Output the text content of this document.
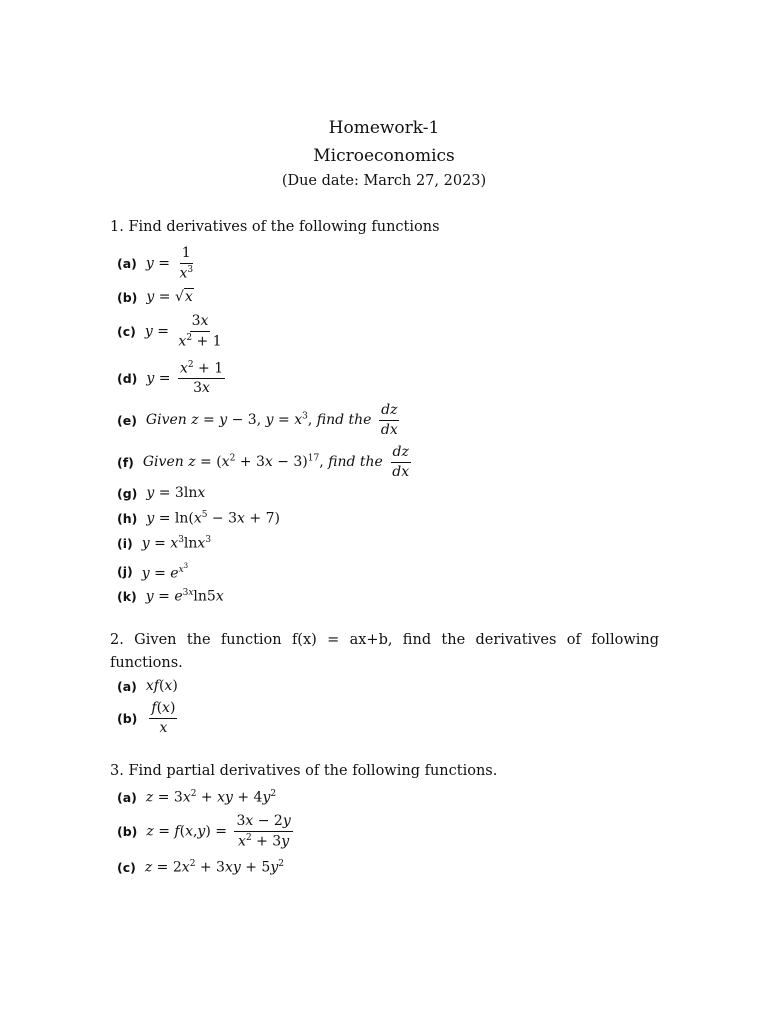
Homework-1
Microeconomics
(Due date: March 27, 2023)
1. Find derivatives of the following functions
(a) $y = \frac{1}{x^3}$
(b) y = √x
(c) $y = \frac{3x}{x^2 + 1}$
(d) $y = \frac{x^2 + 1}{3x}$
(e) Given z = y − 3, $y = x^3$, find the $\frac{dz}{dx}$
(f) Given $z = (x^2 + 3x - 3)^{17}$, find the $\frac{dz}{dx}$
(g) y = 3lnx
(h) $y = \ln(x^5 - 3x + 7)$
(i) $y = x^3\ln x^3$
(j) $y = e^{x^3}$
(k) $y = e^{3x}\ln 5x$
2. Given the function f(x) = ax+b, find the derivatives of following
functions.
(a) xf(x)
$(b) \frac{f(x)}{x}$
3. Find partial derivatives of the following functions.
(a) $z = 3x^2$ + xy + $4y^2$
(b) $z = f(x,y) = \frac{3x - 2y}{x^2 + 3y}$
(c) $z = 2x^2 + 3xy + 5y^2$
